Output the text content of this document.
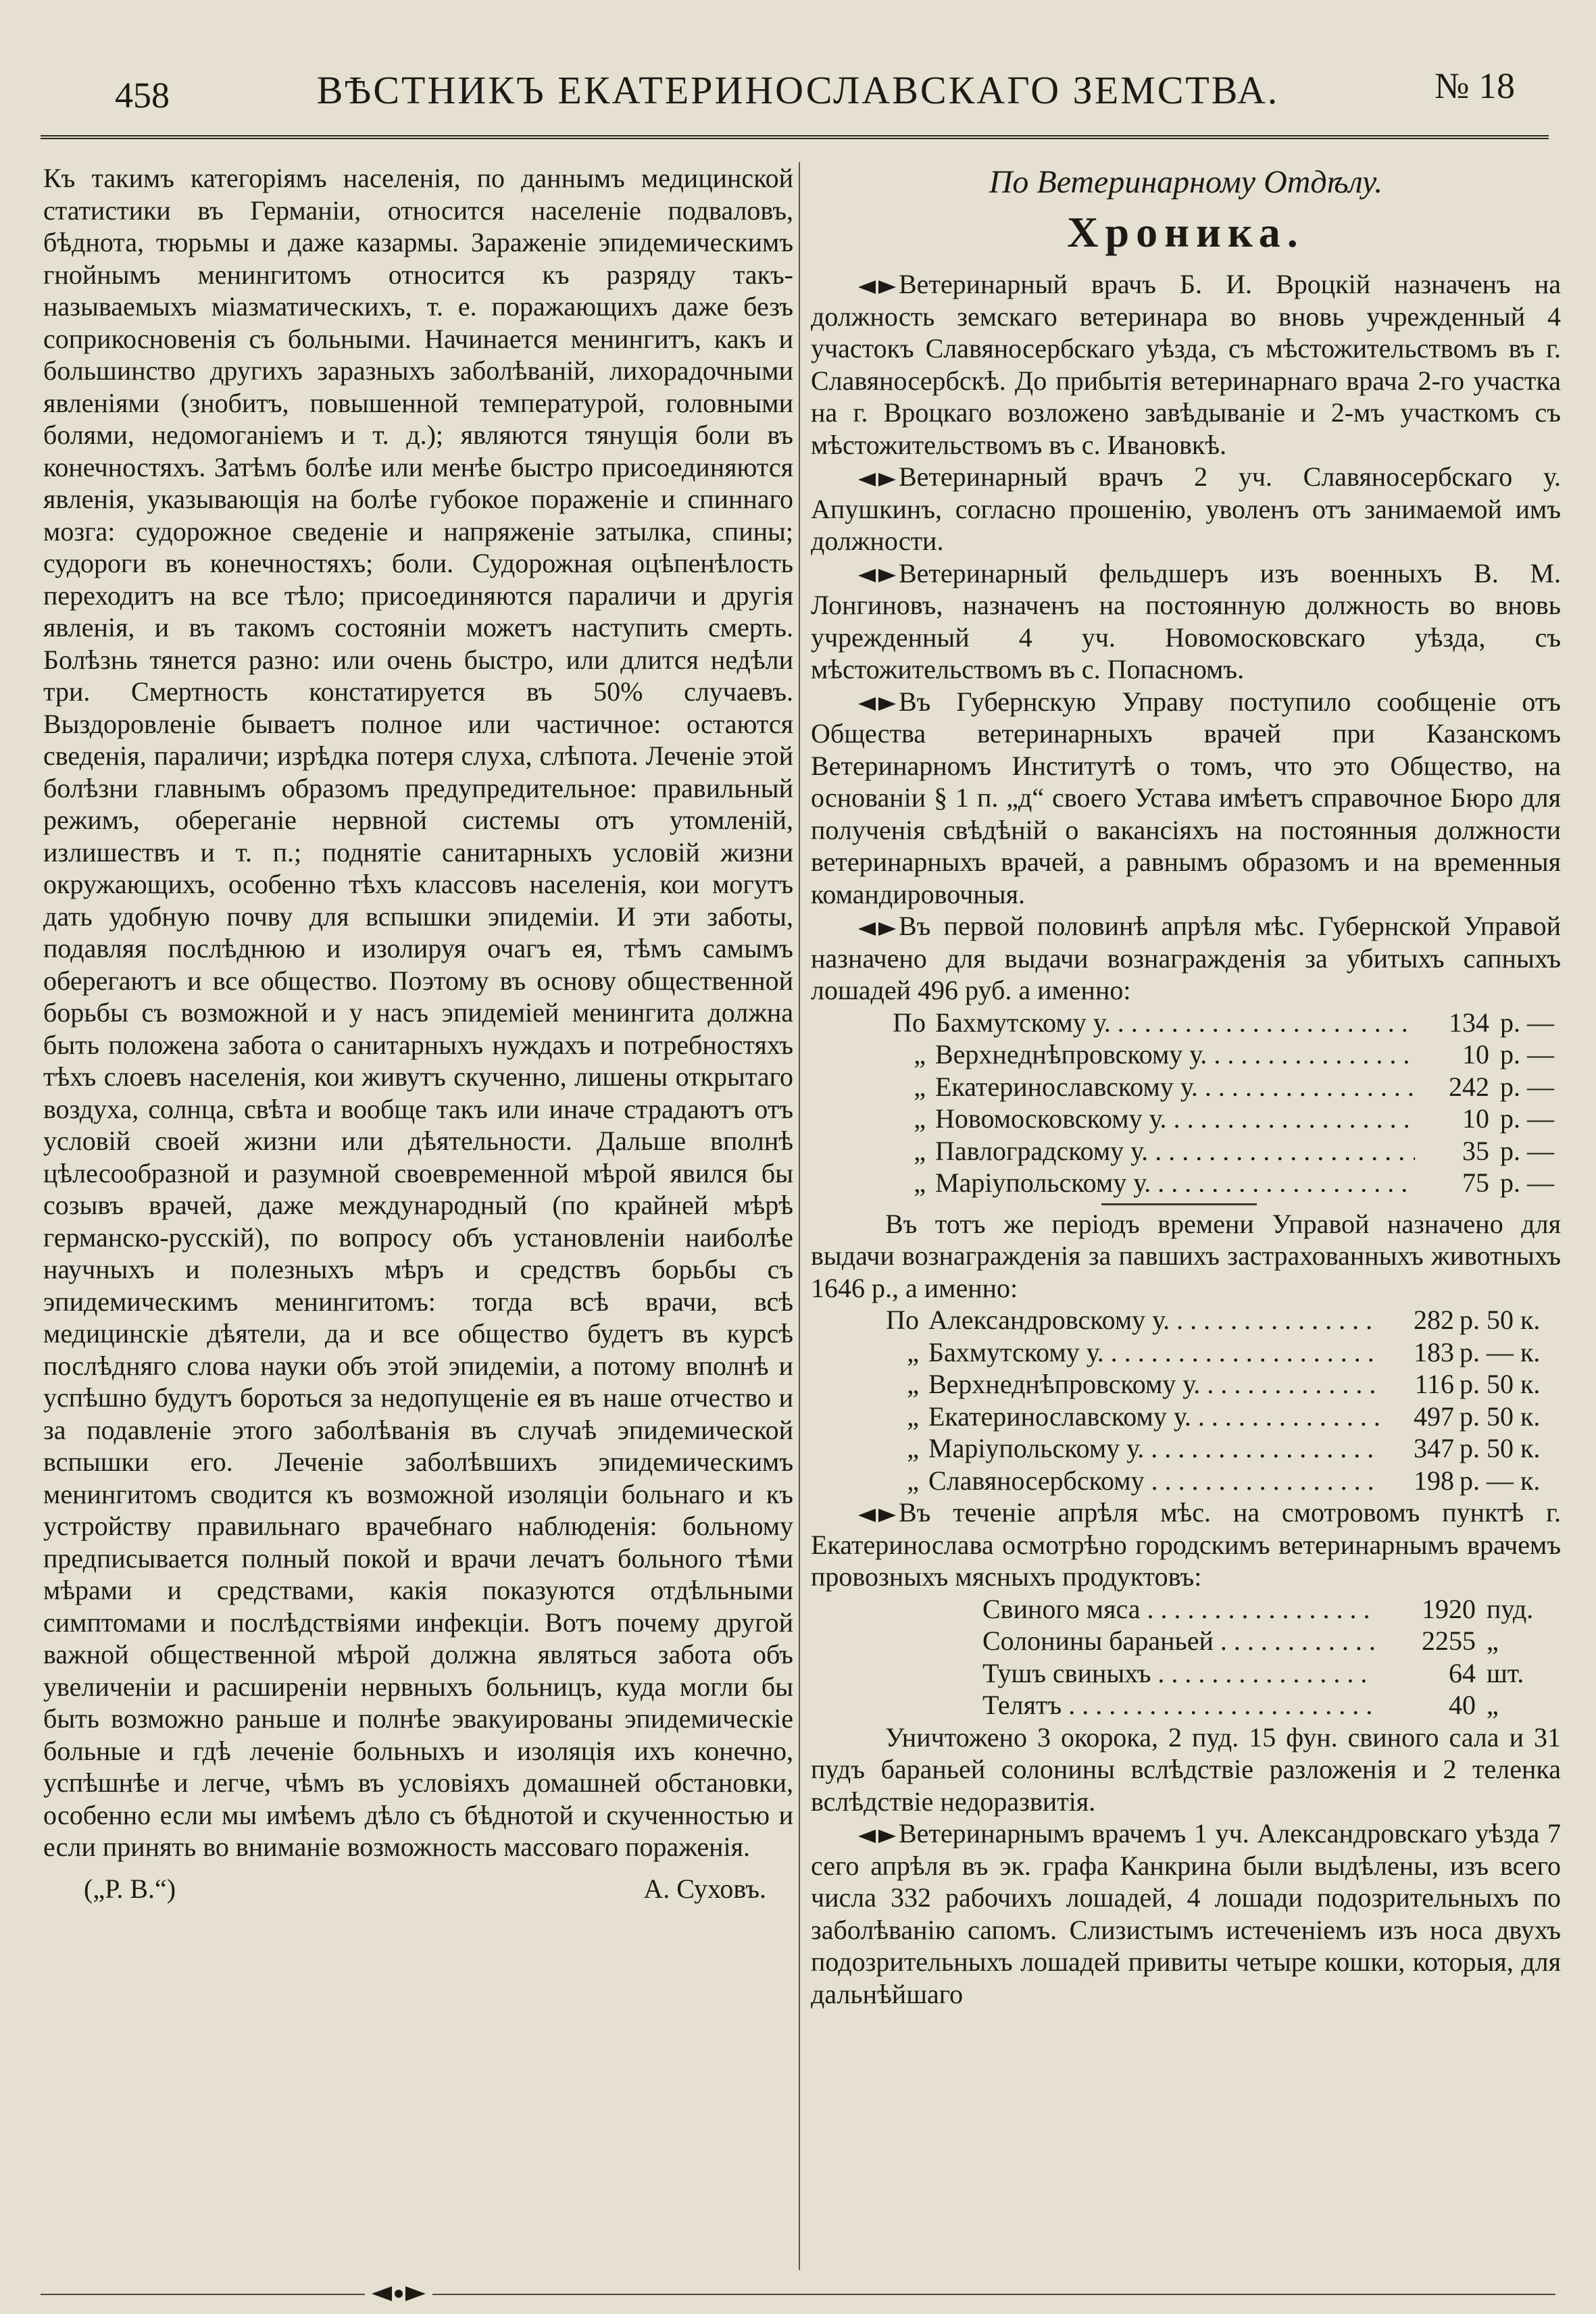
458	ВѢСТНИКЪ ЕКАТЕРИНОСЛАВСКАГО ЗЕМСТВА.	№ 18

Къ такимъ категоріямъ населенія, по даннымъ медицинской статистики въ Германіи, относится населеніе подваловъ, бѣднота, тюрьмы и даже казармы. Зараженіе эпидемическимъ гнойнымъ менингитомъ относится къ разряду такъ-называемыхъ міазматическихъ, т. е. поражающихъ даже безъ соприкосновенія съ больными. Начинается менингитъ, какъ и большинство другихъ заразныхъ заболѣваній, лихорадочными явленіями (знобитъ, повышенной температурой, головными болями, недомоганіемъ и т. д.); являются тянущія боли въ конечностяхъ. Затѣмъ болѣе или менѣе быстро присоединяются явленія, указывающія на болѣе губокое пораженіе и спиннаго мозга: судорожное сведеніе и напряженіе затылка, спины; судороги въ конечностяхъ; боли. Судорожная оцѣпенѣлость переходитъ на все тѣло; присоединяются параличи и другія явленія, и въ такомъ состояніи можетъ наступить смерть. Болѣзнь тянется разно: или очень быстро, или длится недѣли три. Смертность констатируется въ 50% случаевъ. Выздоровленіе бываетъ полное или частичное: остаются сведенія, параличи; изрѣдка потеря слуха, слѣпота. Леченіе этой болѣзни главнымъ образомъ предупредительное: правильный режимъ, обереганіе нервной системы отъ утомленій, излишествъ и т. п.; поднятіе санитарныхъ условій жизни окружающихъ, особенно тѣхъ классовъ населенія, кои могутъ дать удобную почву для вспышки эпидеміи. И эти заботы, подавляя послѣднюю и изолируя очагъ ея, тѣмъ самымъ оберегаютъ и все общество. Поэтому въ основу общественной борьбы съ возможной и у насъ эпидеміей менингита должна быть положена забота о санитарныхъ нуждахъ и потребностяхъ тѣхъ слоевъ населенія, кои живутъ скученно, лишены открытаго воздуха, солнца, свѣта и вообще такъ или иначе страдаютъ отъ условій своей жизни или дѣятельности. Дальше вполнѣ цѣлесообразной и разумной своевременной мѣрой явился бы созывъ врачей, даже международный (по крайней мѣрѣ германско-русскій), по вопросу объ установленіи наиболѣе научныхъ и полезныхъ мѣръ и средствъ борьбы съ эпидемическимъ менингитомъ: тогда всѣ врачи, всѣ медицинскіе дѣятели, да и все общество будетъ въ курсѣ послѣдняго слова науки объ этой эпидеміи, а потому вполнѣ и успѣшно будутъ бороться за недопущеніе ея въ наше отчество и за подавленіе этого заболѣванія въ случаѣ эпидемической вспышки его. Леченіе заболѣвшихъ эпидемическимъ менингитомъ сводится къ возможной изоляціи больнаго и къ устройству правильнаго врачебнаго наблюденія: больному предписывается полный покой и врачи лечатъ больного тѣми мѣрами и средствами, какія показуются отдѣльными симптомами и послѣдствіями инфекціи. Вотъ почему другой важной общественной мѣрой должна являться забота объ увеличеніи и расширеніи нервныхъ больницъ, куда могли бы быть возможно раньше и полнѣе эвакуированы эпидемическіе больные и гдѣ леченіе больныхъ и изоляція ихъ конечно, успѣшнѣе и легче, чѣмъ въ условіяхъ домашней обстановки, особенно если мы имѣемъ дѣло съ бѣднотой и скученностью и если принять во вниманіе возможность массоваго пораженія.

(„Р. В.“)	А. Суховъ.

По Ветеринарному Отдѣлу.
Хроника.

Ветеринарный врачъ Б. И. Вроцкій назначенъ на должность земскаго ветеринара во вновь учрежденный 4 участокъ Славяносербскаго уѣзда, съ мѣстожительствомъ въ г. Славяносербскѣ. До прибытія ветеринарнаго врача 2-го участка на г. Вроцкаго возложено завѣдываніе и 2-мъ участкомъ съ мѣстожительствомъ въ с. Ивановкѣ.

Ветеринарный врачъ 2 уч. Славяносербскаго у. Апушкинъ, согласно прошенію, уволенъ отъ занимаемой имъ должности.

Ветеринарный фельдшеръ изъ военныхъ В. М. Лонгиновъ, назначенъ на постоянную должность во вновь учрежденный 4 уч. Новомосковскаго уѣзда, съ мѣстожительствомъ въ с. Попасномъ.

Въ Губернскую Управу поступило сообщеніе отъ Общества ветеринарныхъ врачей при Казанскомъ Ветеринарномъ Институтѣ о томъ, что это Общество, на основаніи § 1 п. „д“ своего Устава имѣетъ справочное Бюро для полученія свѣдѣній о вакансіяхъ на постоянныя должности ветеринарныхъ врачей, а равнымъ образомъ и на временныя командировочныя.

Въ первой половинѣ апрѣля мѣс. Губернской Управой назначено для выдачи вознагражденія за убитыхъ сапныхъ лошадей 496 руб. а именно:

По Бахмутскому у. . . .	134 р. —
„ Верхнеднѣпровскому у. . . .	10 р. —
„ Екатеринославскому у. . . .	242 р. —
„ Новомосковскому у. . . .	10 р. —
„ Павлоградскому у. . . .	35 р. —
„ Маріупольскому у. . . .	75 р. —

Въ тотъ же періодъ времени Управой назначено для выдачи вознагражденія за павшихъ застрахованныхъ животныхъ 1646 р., а именно:

По Александровскому у. . . .	282 р. 50 к.
„ Бахмутскому у. . . .	183 р. — к.
„ Верхнеднѣпровскому у. . . .	116 р. 50 к.
„ Екатеринославскому у. . . .	497 р. 50 к.
„ Маріупольскому у. . . .	347 р. 50 к.
„ Славяносербскому . . .	198 р. — к.

Въ теченіе апрѣля мѣс. на смотровомъ пунктѣ г. Екатеринослава осмотрѣно городскимъ ветеринарнымъ врачемъ провозныхъ мясныхъ продуктовъ:

Свиного мяса . . .	1920 пуд.
Солонины бараньей . . .	2255 „
Тушъ свиныхъ . . .	64 шт.
Телятъ . . .	40 „

Уничтожено 3 окорока, 2 пуд. 15 фун. свиного сала и 31 пудъ бараньей солонины вслѣдствіе разложенія и 2 теленка вслѣдствіе недоразвитія.

Ветеринарнымъ врачемъ 1 уч. Александровскаго уѣзда 7 сего апрѣля въ эк. графа Канкрина были выдѣлены, изъ всего числа 332 рабочихъ лошадей, 4 лошади подозрительныхъ по заболѣванію сапомъ. Слизистымъ истеченіемъ изъ носа двухъ подозрительныхъ лошадей привиты четыре кошки, которыя, для дальнѣйшаго
